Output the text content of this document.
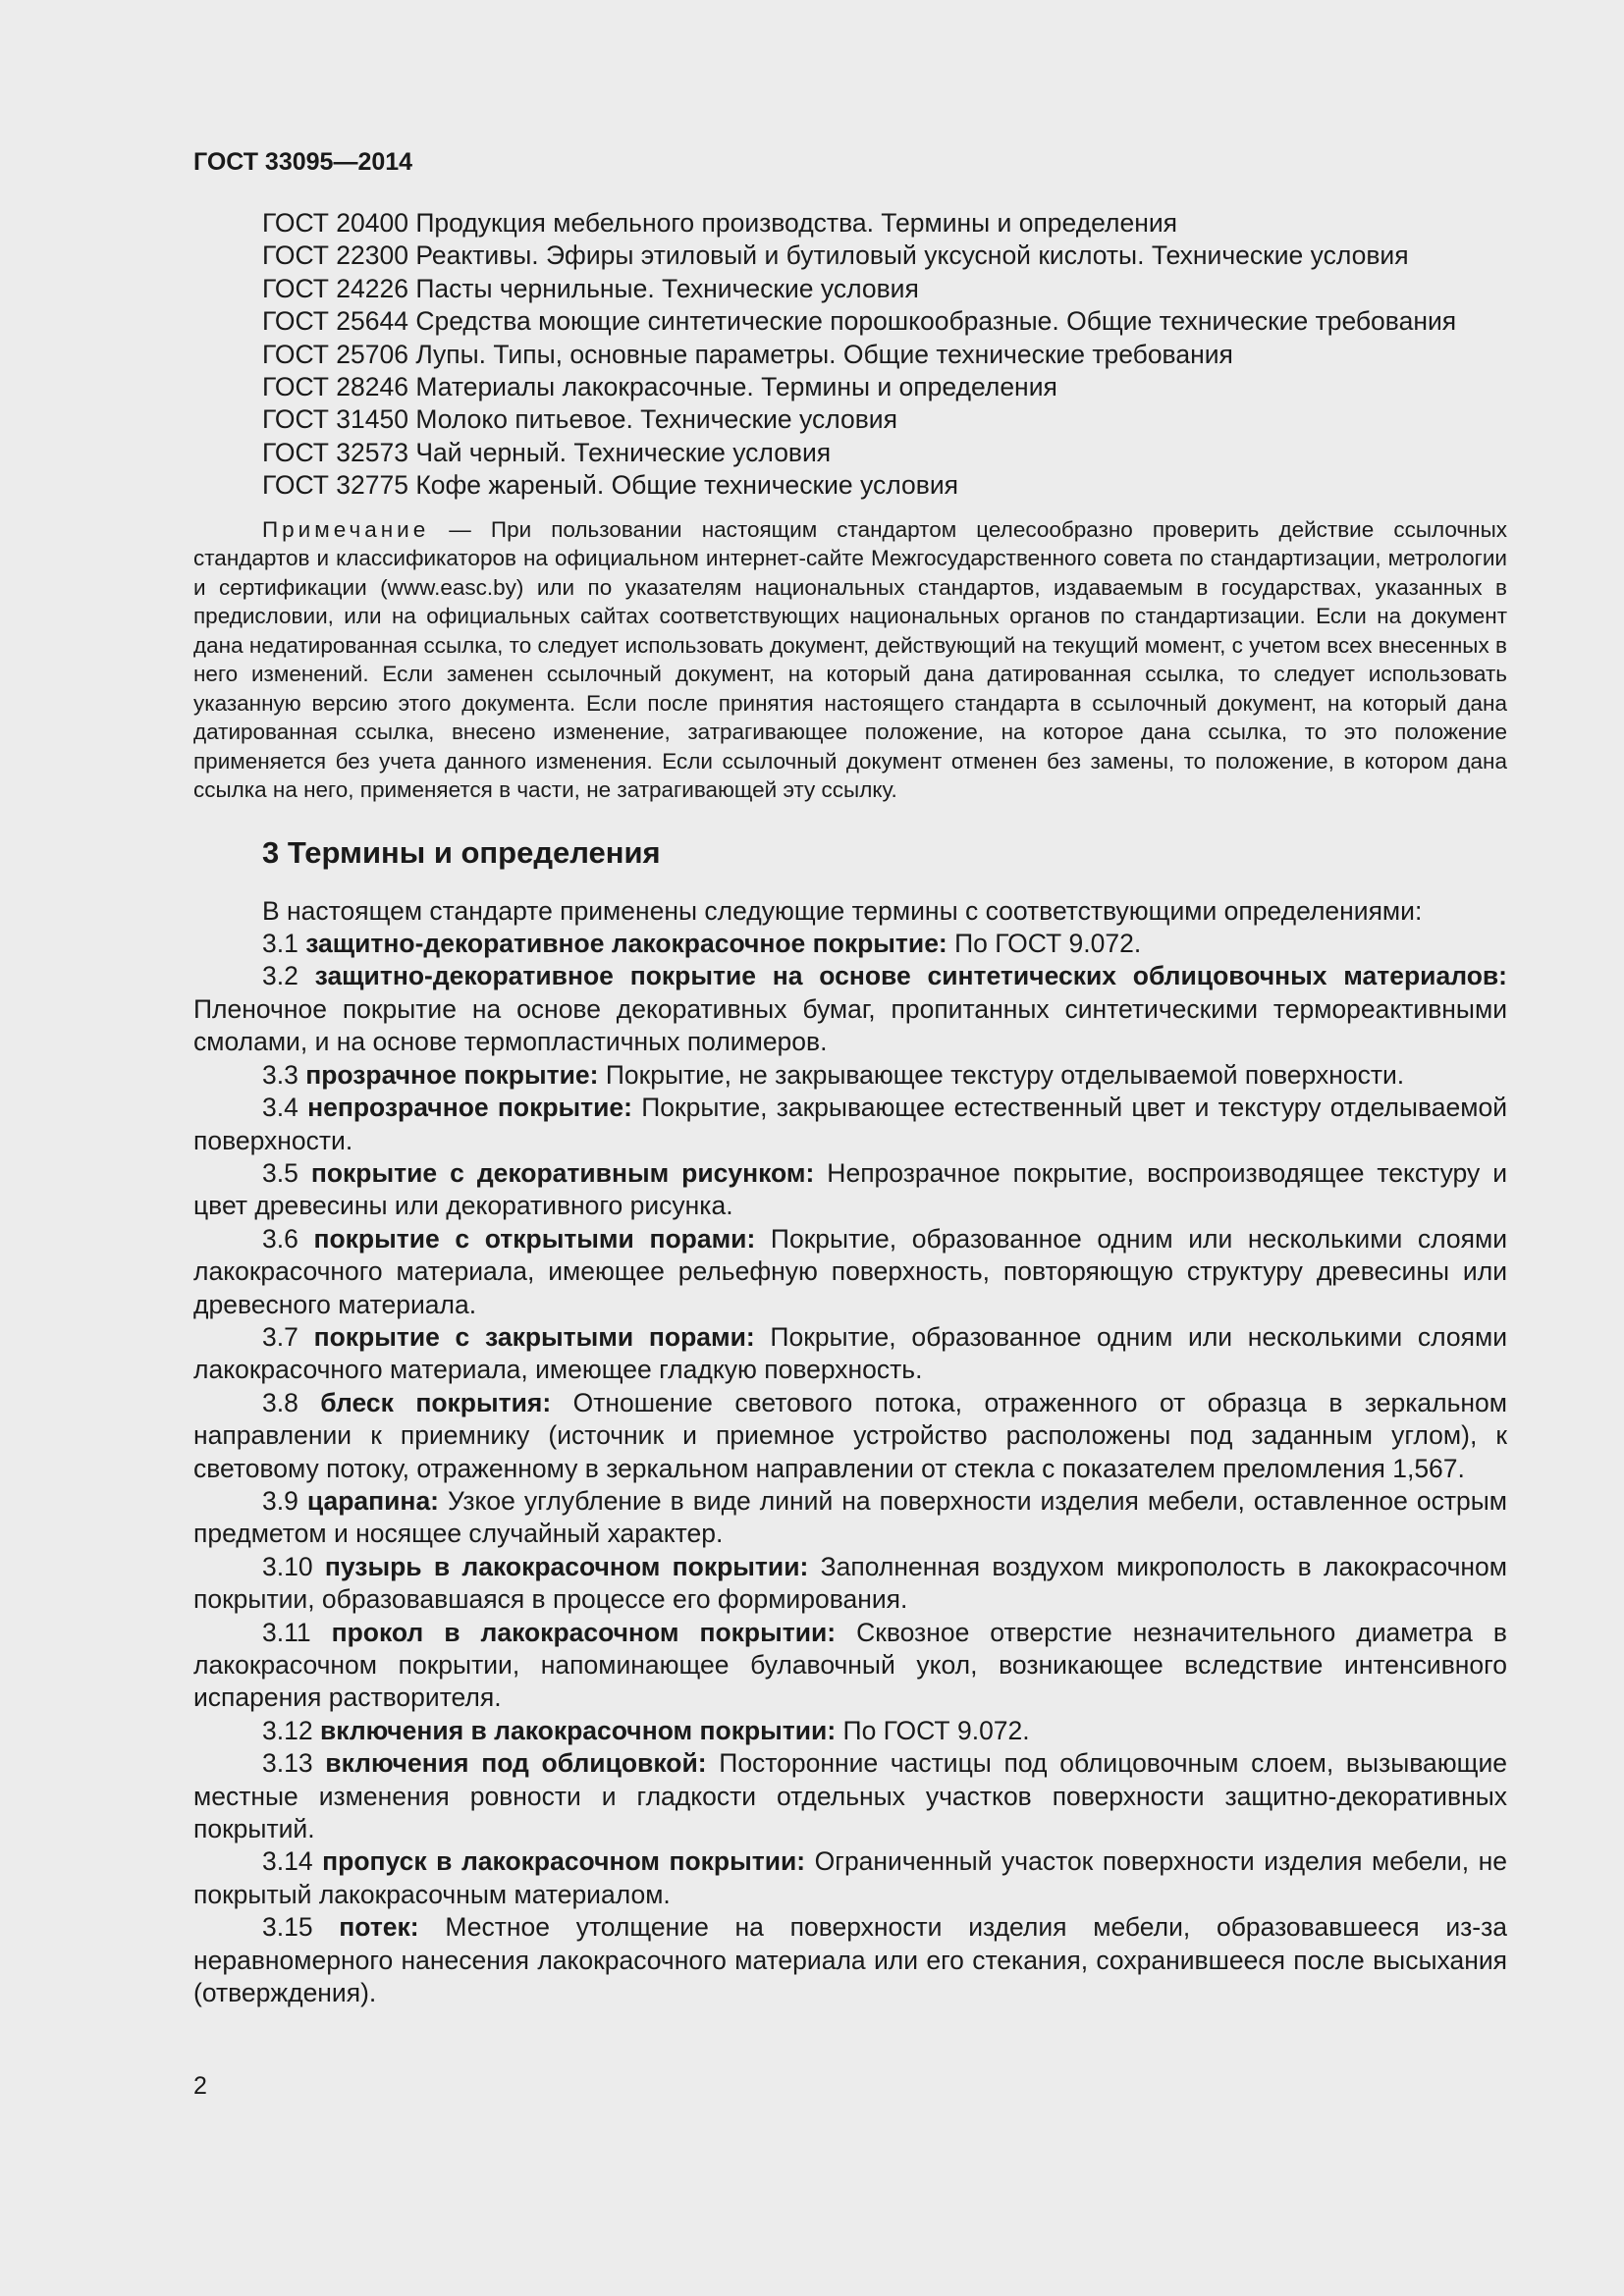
ГОСТ 33095—2014
ГОСТ 20400 Продукция мебельного производства. Термины и определения
ГОСТ 22300 Реактивы. Эфиры этиловый и бутиловый уксусной кислоты. Технические условия
ГОСТ 24226 Пасты чернильные. Технические условия
ГОСТ 25644 Средства моющие синтетические порошкообразные. Общие технические требования
ГОСТ 25706 Лупы. Типы, основные параметры. Общие технические требования
ГОСТ 28246 Материалы лакокрасочные. Термины и определения
ГОСТ 31450 Молоко питьевое. Технические условия
ГОСТ 32573 Чай черный. Технические условия
ГОСТ 32775 Кофе жареный. Общие технические условия

Примечание — При пользовании настоящим стандартом целесообразно проверить действие ссылочных стандартов и классификаторов на официальном интернет-сайте Межгосударственного совета по стандартизации, метрологии и сертификации (www.easc.by) или по указателям национальных стандартов, издаваемым в государствах, указанных в предисловии, или на официальных сайтах соответствующих национальных органов по стандартизации. Если на документ дана недатированная ссылка, то следует использовать документ, действующий на текущий момент, с учетом всех внесенных в него изменений. Если заменен ссылочный документ, на который дана датированная ссылка, то следует использовать указанную версию этого документа. Если после принятия настоящего стандарта в ссылочный документ, на который дана датированная ссылка, внесено изменение, затрагивающее положение, на которое дана ссылка, то это положение применяется без учета данного изменения. Если ссылочный документ отменен без замены, то положение, в котором дана ссылка на него, применяется в части, не затрагивающей эту ссылку.

3 Термины и определения

В настоящем стандарте применены следующие термины с соответствующими определениями:

3.1 защитно-декоративное лакокрасочное покрытие: По ГОСТ 9.072.

3.2 защитно-декоративное покрытие на основе синтетических облицовочных материалов: Пленочное покрытие на основе декоративных бумаг, пропитанных синтетическими термореактивными смолами, и на основе термопластичных полимеров.

3.3 прозрачное покрытие: Покрытие, не закрывающее текстуру отделываемой поверхности.

3.4 непрозрачное покрытие: Покрытие, закрывающее естественный цвет и текстуру отделываемой поверхности.

3.5 покрытие с декоративным рисунком: Непрозрачное покрытие, воспроизводящее текстуру и цвет древесины или декоративного рисунка.

3.6 покрытие с открытыми порами: Покрытие, образованное одним или несколькими слоями лакокрасочного материала, имеющее рельефную поверхность, повторяющую структуру древесины или древесного материала.

3.7 покрытие с закрытыми порами: Покрытие, образованное одним или несколькими слоями лакокрасочного материала, имеющее гладкую поверхность.

3.8 блеск покрытия: Отношение светового потока, отраженного от образца в зеркальном направлении к приемнику (источник и приемное устройство расположены под заданным углом), к световому потоку, отраженному в зеркальном направлении от стекла с показателем преломления 1,567.

3.9 царапина: Узкое углубление в виде линий на поверхности изделия мебели, оставленное острым предметом и носящее случайный характер.

3.10 пузырь в лакокрасочном покрытии: Заполненная воздухом микрополость в лакокрасочном покрытии, образовавшаяся в процессе его формирования.

3.11 прокол в лакокрасочном покрытии: Сквозное отверстие незначительного диаметра в лакокрасочном покрытии, напоминающее булавочный укол, возникающее вследствие интенсивного испарения растворителя.

3.12 включения в лакокрасочном покрытии: По ГОСТ 9.072.

3.13 включения под облицовкой: Посторонние частицы под облицовочным слоем, вызывающие местные изменения ровности и гладкости отдельных участков поверхности защитно-декоративных покрытий.

3.14 пропуск в лакокрасочном покрытии: Ограниченный участок поверхности изделия мебели, не покрытый лакокрасочным материалом.

3.15 потек: Местное утолщение на поверхности изделия мебели, образовавшееся из-за неравномерного нанесения лакокрасочного материала или его стекания, сохранившееся после высыхания (отверждения).

2
